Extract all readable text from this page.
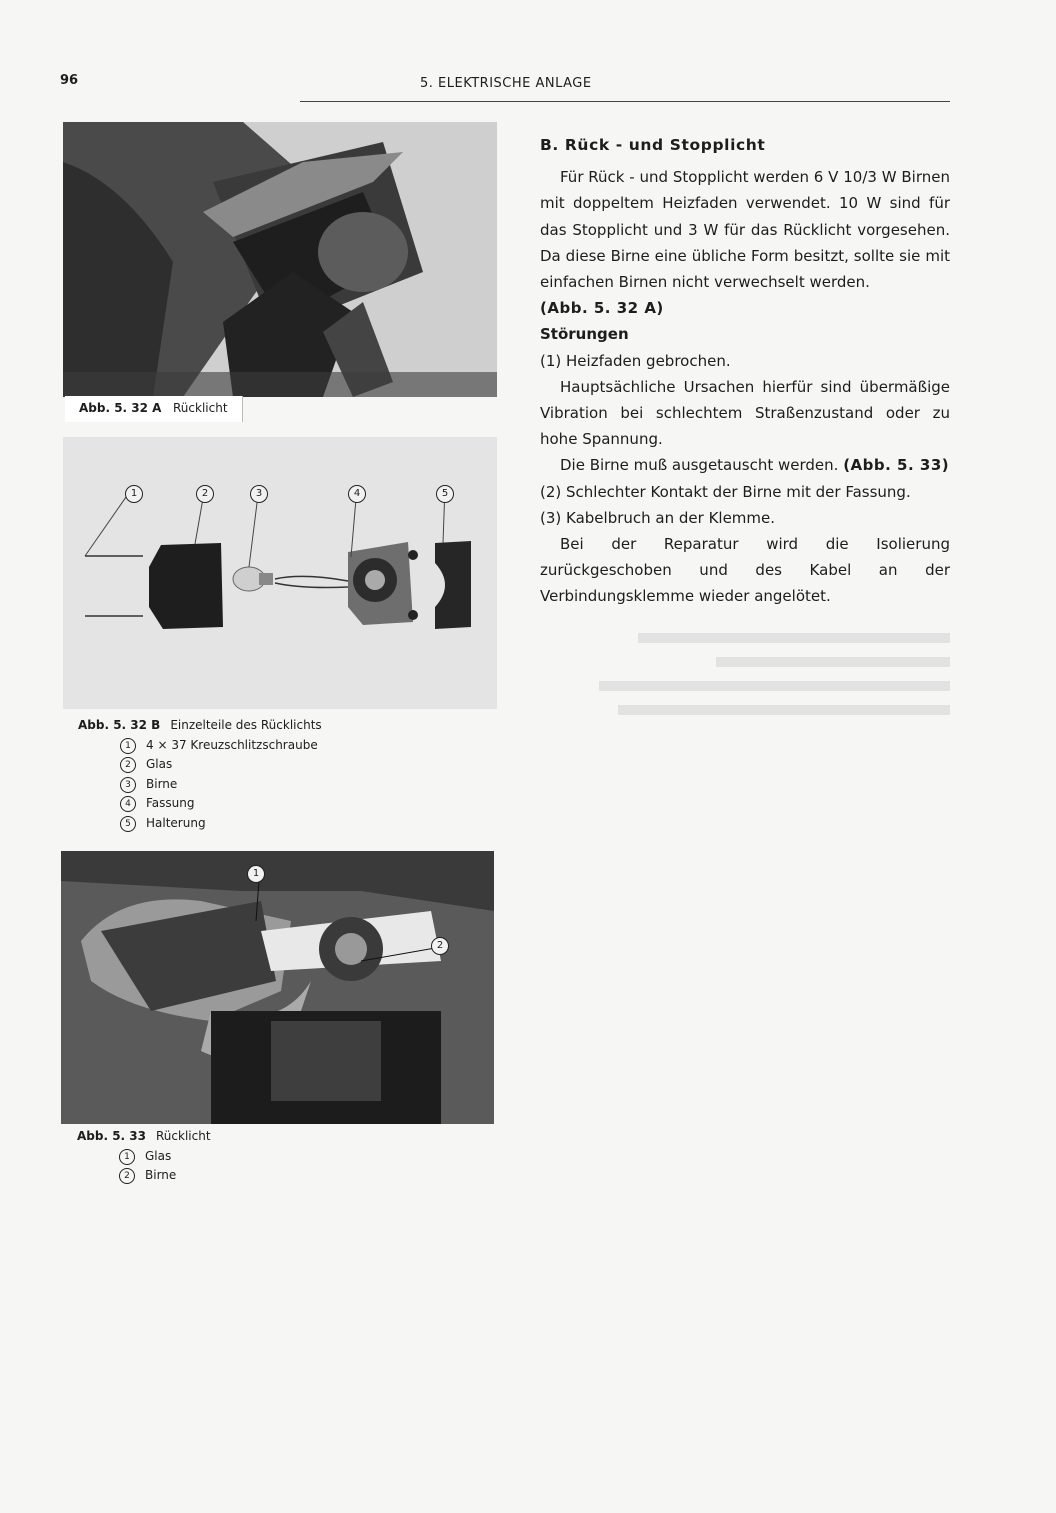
96	5. ELEKTRISCHE ANLAGE
Abb. 5. 32 A Rücklicht
1	2	3	4	5
Abb. 5. 32 B Einzelteile des Rücklichts
1 4 × 37 Kreuzschlitzschraube
2 Glas
3 Birne
4 Fassung
5 Halterung
1
2
Abb. 5. 33 Rücklicht
1 Glas
2 Birne
B. Rück - und Stopplicht

Für Rück - und Stopplicht werden 6 V 10/3 W Birnen mit doppeltem Heizfaden verwendet. 10 W sind für das Stopplicht und 3 W für das Rücklicht vorgesehen. Da diese Birne eine übliche Form besitzt, sollte sie mit einfachen Birnen nicht verwechselt werden.

(Abb. 5. 32 A)

Störungen

(1) Heizfaden gebrochen.

Hauptsächliche Ursachen hierfür sind übermäßige Vibration bei schlechtem Straßenzustand oder zu hohe Spannung.

Die Birne muß ausgetauscht werden. (Abb. 5. 33)

(2) Schlechter Kontakt der Birne mit der Fassung.

(3) Kabelbruch an der Klemme.

Bei der Reparatur wird die Isolierung zurückgeschoben und des Kabel an der Verbindungsklemme wieder angelötet.
